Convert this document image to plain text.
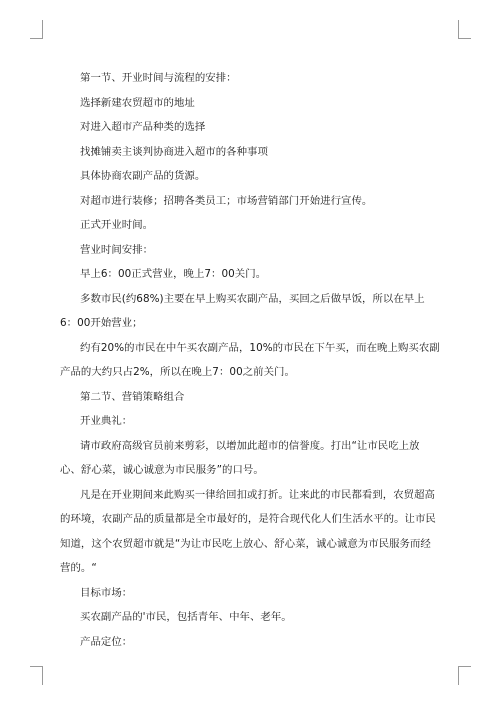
第一节、开业时间与流程的安排：

选择新建农贸超市的地址

对进入超市产品种类的选择

找摊铺卖主谈判协商进入超市的各种事项

具体协商农副产品的货源。

对超市进行装修；招聘各类员工；市场营销部门开始进行宣传。

正式开业时间。

营业时间安排：

早上6：00正式营业，晚上7：00关门。

多数市民(约68%)主要在早上购买农副产品，买回之后做早饭，所以在早上6：00开始营业；

约有20%的市民在中午买农副产品，10%的市民在下午买，而在晚上购买农副产品的大约只占2%，所以在晚上7：00之前关门。

第二节、营销策略组合

开业典礼：

请市政府高级官员前来剪彩，以增加此超市的信誉度。打出“让市民吃上放心、舒心菜，诚心诚意为市民服务”的口号。

凡是在开业期间来此购买一律给回扣或打折。让来此的市民都看到，农贸超高的环境，农副产品的质量都是全市最好的，是符合现代化人们生活水平的。让市民知道，这个农贸超市就是“为让市民吃上放心、舒心菜，诚心诚意为市民服务而经营的。“

目标市场：

买农副产品的'市民，包括青年、中年、老年。

产品定位：
